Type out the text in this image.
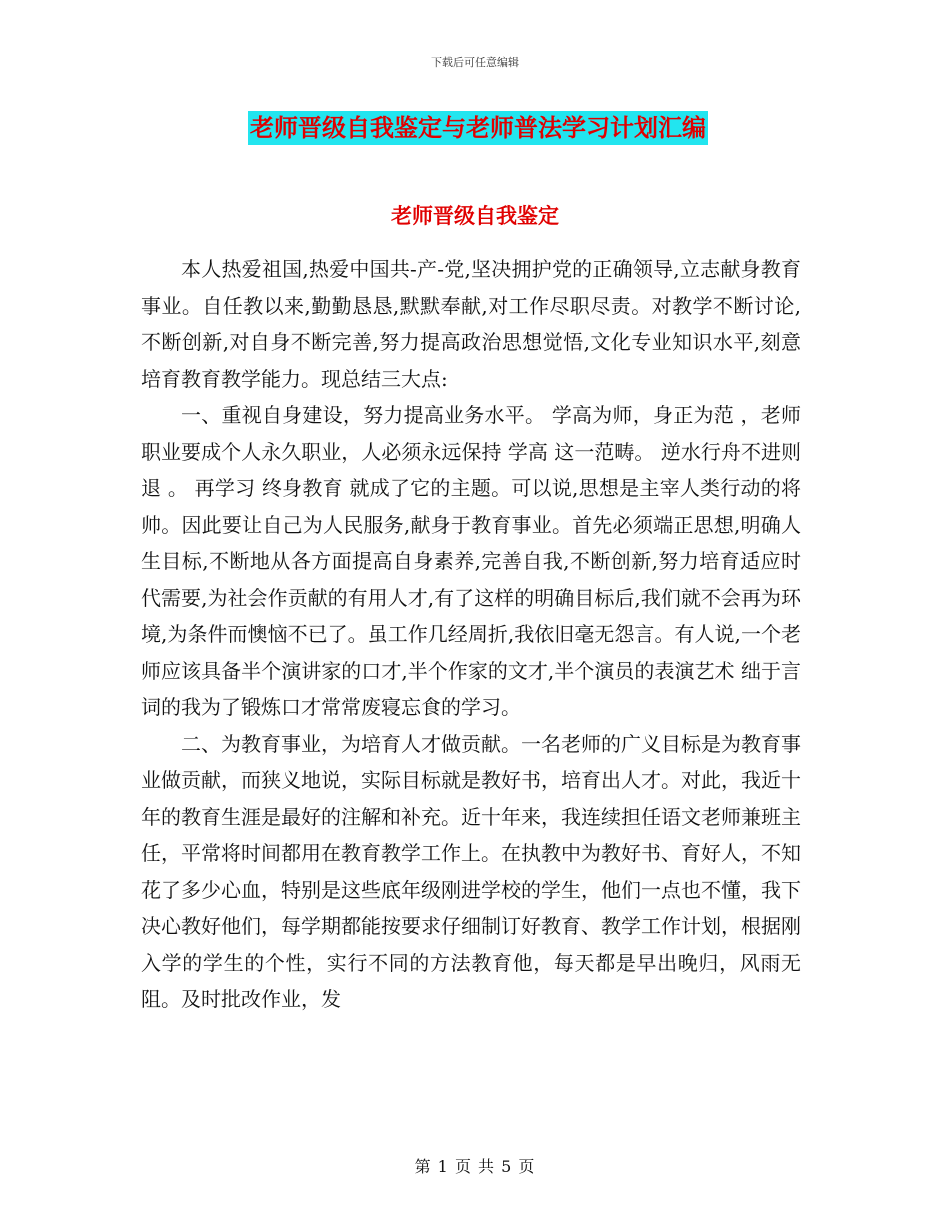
下载后可任意编辑
老师晋级自我鉴定与老师普法学习计划汇编
老师晋级自我鉴定

本人热爱祖国,热爱中国共-产-党,坚决拥护党的正确领导,立志献身教育事业。自任教以来,勤勤恳恳,默默奉献,对工作尽职尽责。对教学不断讨论,不断创新,对自身不断完善,努力提高政治思想觉悟,文化专业知识水平,刻意培育教育教学能力。现总结三大点:

一、重视自身建设，努力提高业务水平。 学高为师，身正为范 ，老师职业要成个人永久职业，人必须永远保持 学高 这一范畴。 逆水行舟不进则退 。 再学习 终身教育 就成了它的主题。可以说,思想是主宰人类行动的将帅。因此要让自己为人民服务,献身于教育事业。首先必须端正思想,明确人生目标,不断地从各方面提高自身素养,完善自我,不断创新,努力培育适应时代需要,为社会作贡献的有用人才,有了这样的明确目标后,我们就不会再为环境,为条件而懊恼不已了。虽工作几经周折,我依旧毫无怨言。有人说,一个老师应该具备半个演讲家的口才,半个作家的文才,半个演员的表演艺术 绌于言词的我为了锻炼口才常常废寝忘食的学习。

二、为教育事业，为培育人才做贡献。一名老师的广义目标是为教育事业做贡献，而狭义地说，实际目标就是教好书，培育出人才。对此，我近十年的教育生涯是最好的注解和补充。近十年来，我连续担任语文老师兼班主任，平常将时间都用在教育教学工作上。在执教中为教好书、育好人，不知花了多少心血，特别是这些底年级刚进学校的学生，他们一点也不懂，我下决心教好他们，每学期都能按要求仔细制订好教育、教学工作计划，根据刚入学的学生的个性，实行不同的方法教育他，每天都是早出晚归，风雨无阻。及时批改作业，发

第 1 页 共 5 页
